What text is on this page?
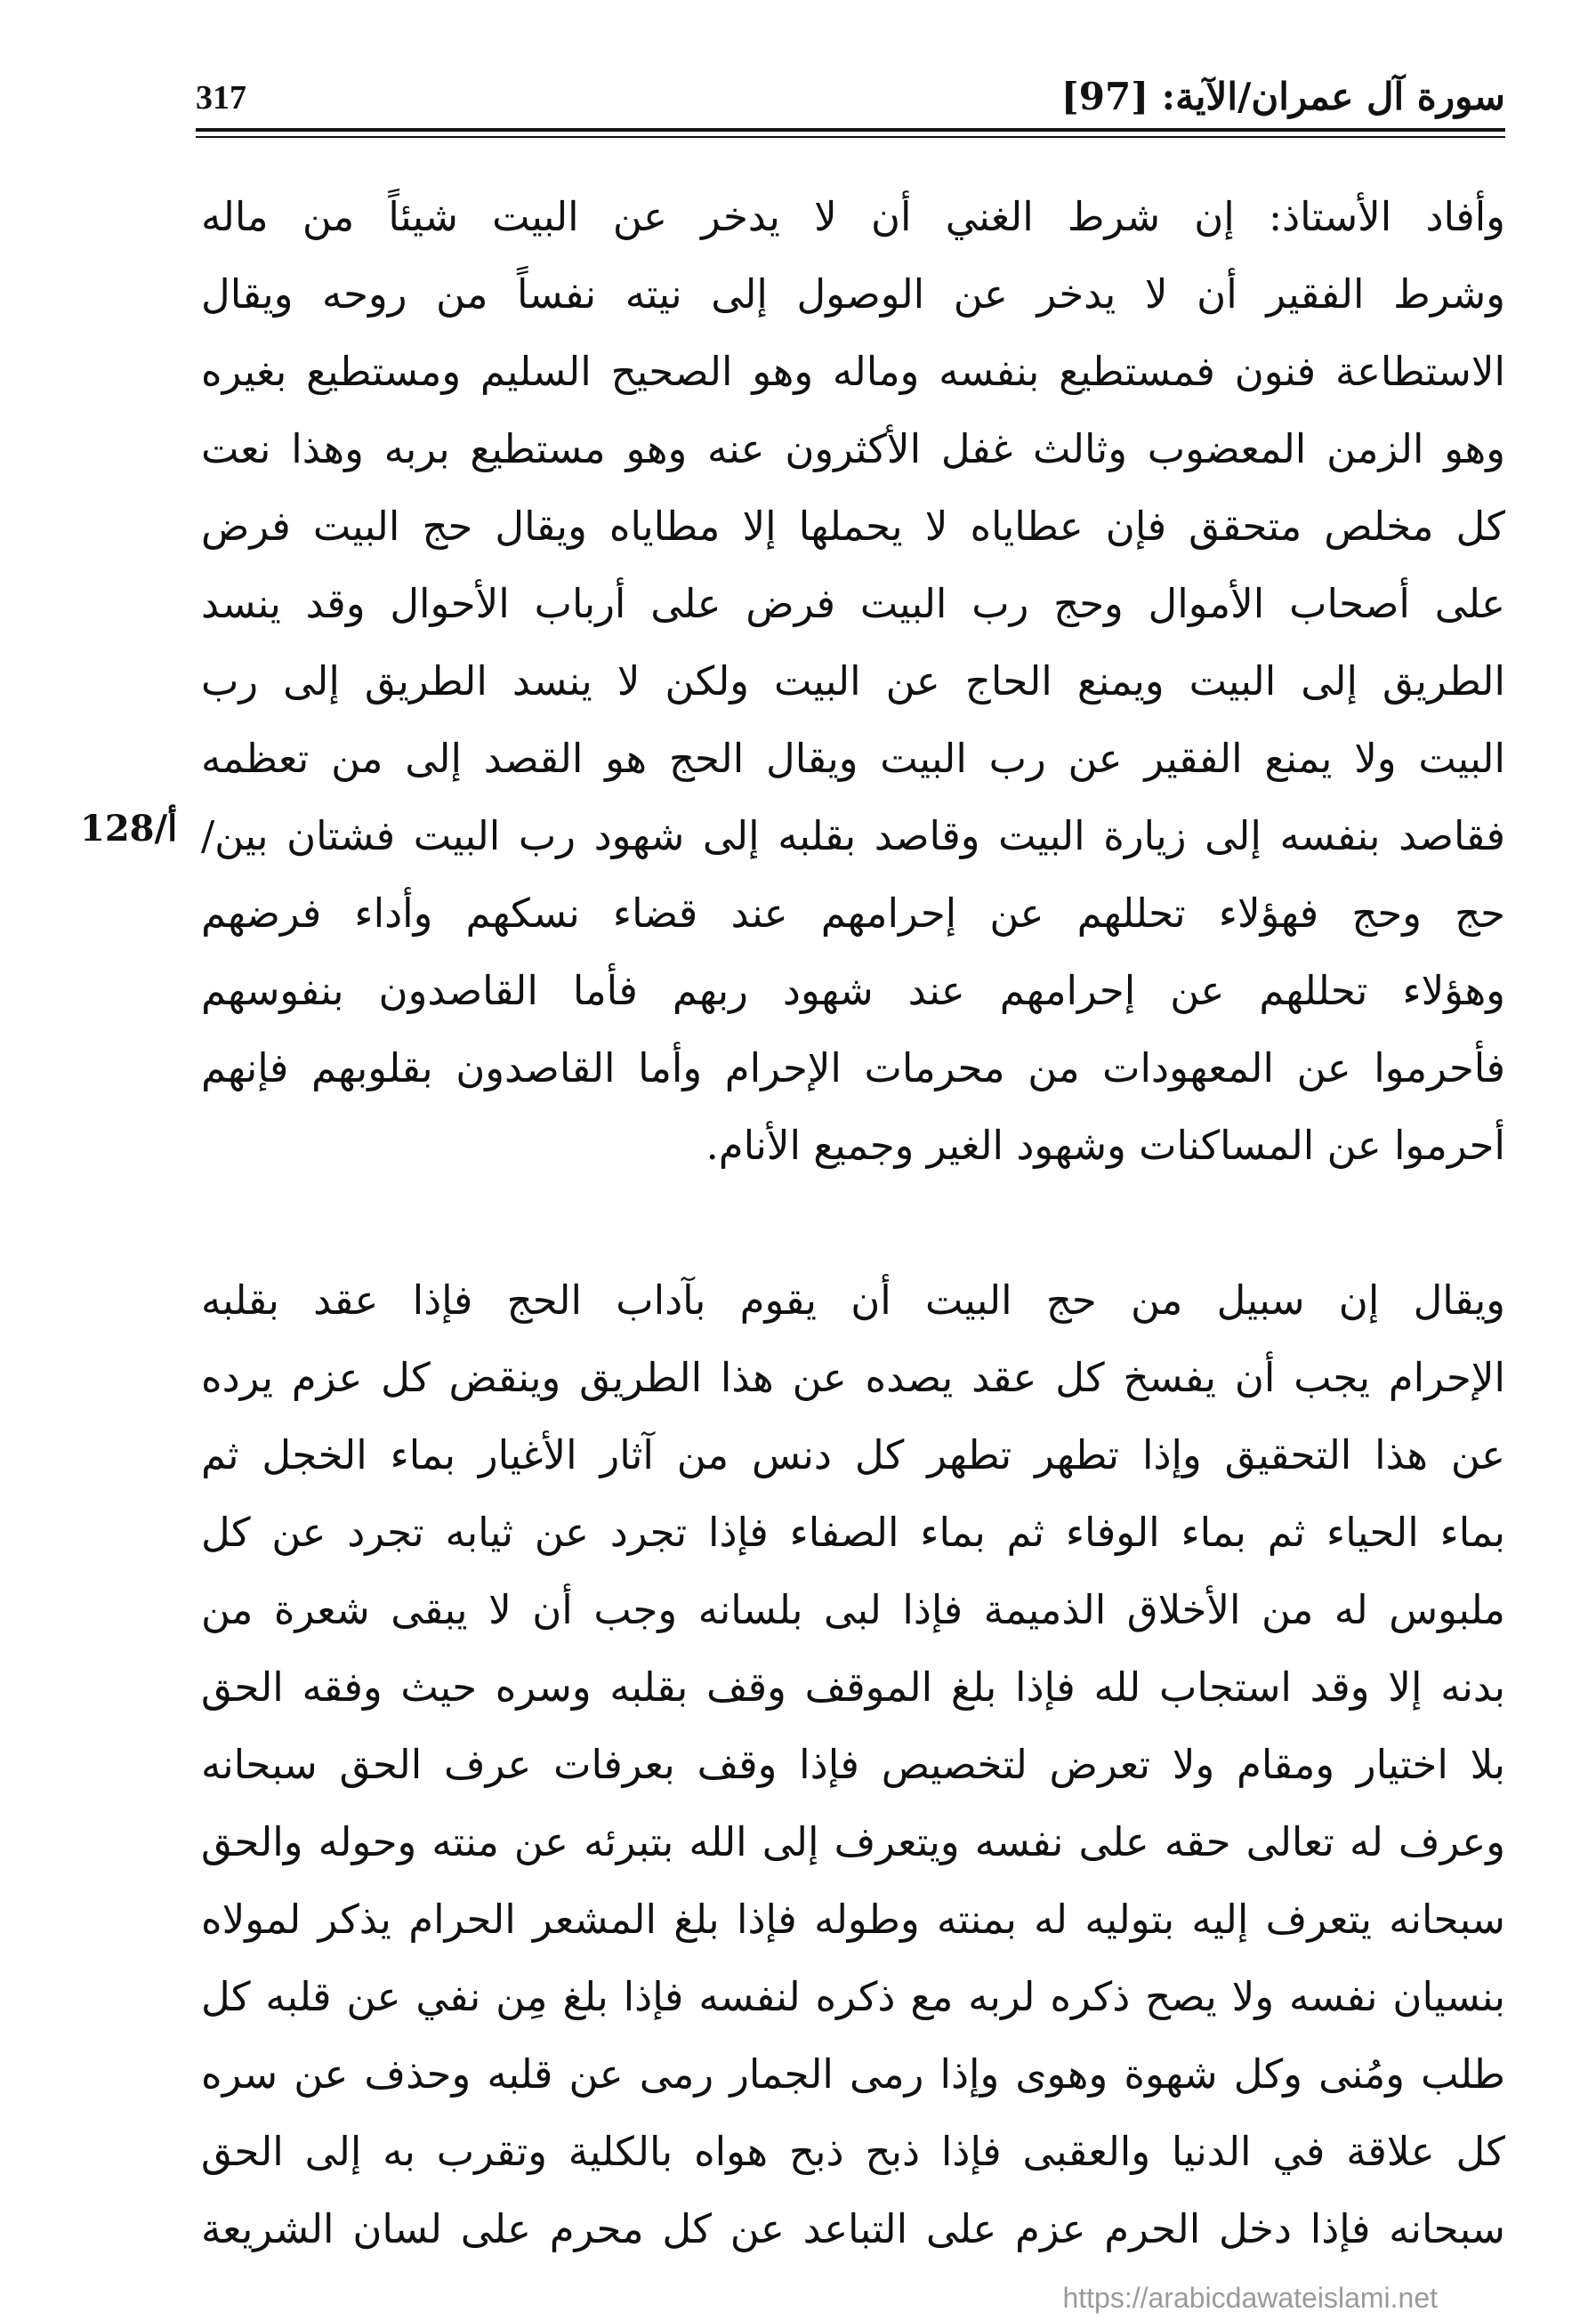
سورة آل عمران/الآية: [97]
317
128/أ
وأفاد الأستاذ: إن شرط الغني أن لا يدخر عن البيت شيئاً من ماله
وشرط الفقير أن لا يدخر عن الوصول إلى نيته نفساً من روحه ويقال
الاستطاعة فنون فمستطيع بنفسه وماله وهو الصحيح السليم ومستطيع بغيره
وهو الزمن المعضوب وثالث غفل الأكثرون عنه وهو مستطيع بربه وهذا نعت
كل مخلص متحقق فإن عطاياه لا يحملها إلا مطاياه ويقال حج البيت فرض
على أصحاب الأموال وحج رب البيت فرض على أرباب الأحوال وقد ينسد
الطريق إلى البيت ويمنع الحاج عن البيت ولكن لا ينسد الطريق إلى رب
البيت ولا يمنع الفقير عن رب البيت ويقال الحج هو القصد إلى من تعظمه
فقاصد بنفسه إلى زيارة البيت وقاصد بقلبه إلى شهود رب البيت فشتان بين/
حج وحج فهؤلاء تحللهم عن إحرامهم عند قضاء نسكهم وأداء فرضهم
وهؤلاء تحللهم عن إحرامهم عند شهود ربهم فأما القاصدون بنفوسهم
فأحرموا عن المعهودات من محرمات الإحرام وأما القاصدون بقلوبهم فإنهم
أحرموا عن المساكنات وشهود الغير وجميع الأنام.
ويقال إن سبيل من حج البيت أن يقوم بآداب الحج فإذا عقد بقلبه
الإحرام يجب أن يفسخ كل عقد يصده عن هذا الطريق وينقض كل عزم يرده
عن هذا التحقيق وإذا تطهر تطهر كل دنس من آثار الأغيار بماء الخجل ثم
بماء الحياء ثم بماء الوفاء ثم بماء الصفاء فإذا تجرد عن ثيابه تجرد عن كل
ملبوس له من الأخلاق الذميمة فإذا لبى بلسانه وجب أن لا يبقى شعرة من
بدنه إلا وقد استجاب لله فإذا بلغ الموقف وقف بقلبه وسره حيث وفقه الحق
بلا اختيار ومقام ولا تعرض لتخصيص فإذا وقف بعرفات عرف الحق سبحانه
وعرف له تعالى حقه على نفسه ويتعرف إلى الله بتبرئه عن منته وحوله والحق
سبحانه يتعرف إليه بتوليه له بمنته وطوله فإذا بلغ المشعر الحرام يذكر لمولاه
بنسيان نفسه ولا يصح ذكره لربه مع ذكره لنفسه فإذا بلغ مِن نفي عن قلبه كل
طلب ومُنى وكل شهوة وهوى وإذا رمى الجمار رمى عن قلبه وحذف عن سره
كل علاقة في الدنيا والعقبى فإذا ذبح ذبح هواه بالكلية وتقرب به إلى الحق
سبحانه فإذا دخل الحرم عزم على التباعد عن كل محرم على لسان الشريعة
https://arabicdawateislami.net
